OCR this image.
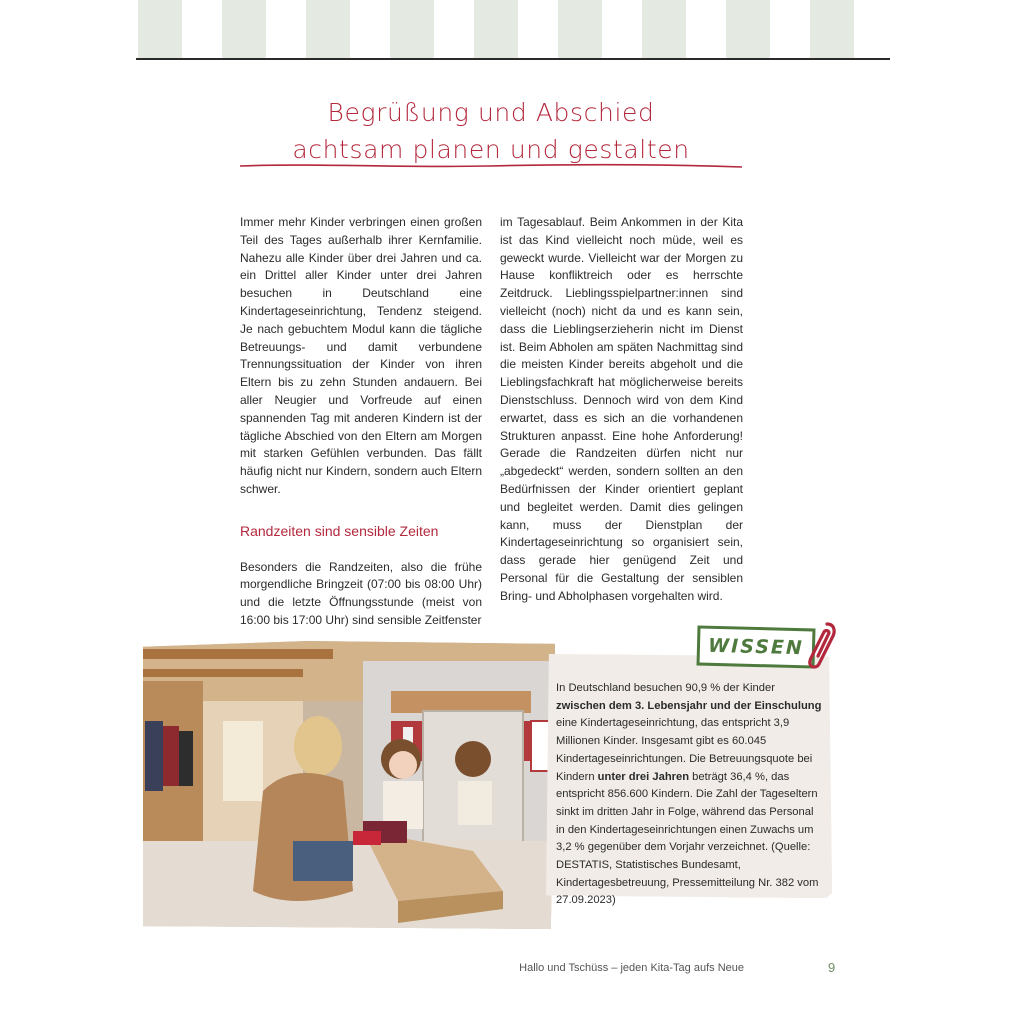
Begrüßung und Abschied
achtsam planen und gestalten

Immer mehr Kinder verbringen einen großen Teil des Tages außerhalb ihrer Kernfamilie. Nahezu alle Kinder über drei Jahren und ca. ein Drittel aller Kinder unter drei Jahren besuchen in Deutschland eine Kindertageseinrichtung, Tendenz steigend. Je nach gebuchtem Modul kann die tägliche Betreuungs- und damit verbundene Trennungssituation der Kinder von ihren Eltern bis zu zehn Stunden andauern. Bei aller Neugier und Vorfreude auf einen spannenden Tag mit anderen Kindern ist der tägliche Abschied von den Eltern am Morgen mit starken Gefühlen verbunden. Das fällt häufig nicht nur Kindern, sondern auch Eltern schwer.

Randzeiten sind sensible Zeiten

Besonders die Randzeiten, also die frühe morgendliche Bringzeit (07:00 bis 08:00 Uhr) und die letzte Öffnungsstunde (meist von 16:00 bis 17:00 Uhr) sind sensible Zeitfenster

im Tagesablauf. Beim Ankommen in der Kita ist das Kind vielleicht noch müde, weil es geweckt wurde. Vielleicht war der Morgen zu Hause konfliktreich oder es herrschte Zeitdruck. Lieblingsspielpartner:innen sind vielleicht (noch) nicht da und es kann sein, dass die Lieblingserzieherin nicht im Dienst ist. Beim Abholen am späten Nachmittag sind die meisten Kinder bereits abgeholt und die Lieblingsfachkraft hat möglicherweise bereits Dienstschluss. Dennoch wird von dem Kind erwartet, dass es sich an die vorhandenen Strukturen anpasst. Eine hohe Anforderung! Gerade die Randzeiten dürfen nicht nur „abgedeckt“ werden, sondern sollten an den Bedürfnissen der Kinder orientiert geplant und begleitet werden. Damit dies gelingen kann, muss der Dienstplan der Kindertageseinrichtung so organisiert sein, dass gerade hier genügend Zeit und Personal für die Gestaltung der sensiblen Bring- und Abholphasen vorgehalten wird.

In Deutschland besuchen 90,9 % der Kinder zwischen dem 3. Lebensjahr und der Einschulung eine Kindertageseinrichtung, das entspricht 3,9 Millionen Kinder. Insgesamt gibt es 60.045 Kindertageseinrichtungen. Die Betreuungsquote bei Kindern unter drei Jahren beträgt 36,4 %, das entspricht 856.600 Kindern. Die Zahl der Tageseltern sinkt im dritten Jahr in Folge, während das Personal in den Kindertageseinrichtungen einen Zuwachs um 3,2 % gegenüber dem Vorjahr verzeichnet. (Quelle: DESTATIS, Statistisches Bundesamt, Kindertagesbetreuung, Pressemitteilung Nr. 382 vom 27.09.2023)
WISSEN
Hallo und Tschüss – jeden Kita-Tag aufs Neue	9
